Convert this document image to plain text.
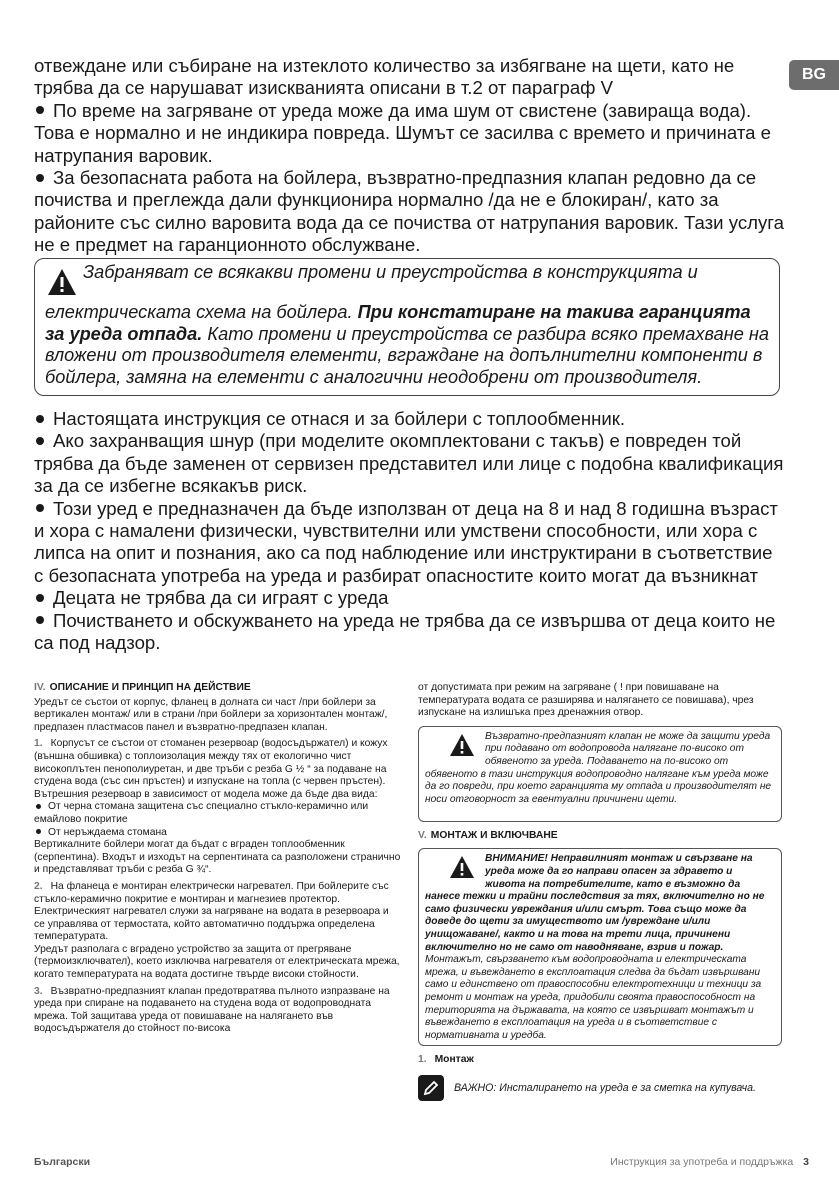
BG

отвеждане или събиране на изтеклото количество за избягване на щети, като не трябва да се нарушават изискванията описани в т.2 от параграф V

По време на загряване от уреда може да има шум от свистене (завираща вода). Това е нормално и не индикира повреда. Шумът се засилва с времето и причината е натрупания варовик.

За безопасната работа на бойлера, възвратно-предпазния клапан редовно да се почиства и преглежда дали функционира нормално /да не е блокиран/, като за районите със силно варовита вода да се почиства от натрупания варовик. Тази услуга не е предмет на гаранционното обслужване.

Забраняват се всякакви промени и преустройства в конструкцията и електрическата схема на бойлера. При констатиране на такива гаранцията за уреда отпада. Като промени и преустройства се разбира всяко премахване на вложени от производителя елементи, вграждане на допълнителни компоненти в бойлера, замяна на елементи с аналогични неодобрени от производителя.

Настоящата инструкция се отнася и за бойлери с топлообменник.

Ако захранващия шнур (при моделите окомплектовани с такъв) е повреден той трябва да бъде заменен от сервизен представител или лице с подобна квалификация за да се избегне всякакъв риск.

Този уред е предназначен да бъде използван от деца на 8 и над 8 годишна възраст и хора с намалени физически, чувствителни или умствени способности, или хора с липса на опит и познания, ако са под наблюдение или инструктирани в съответствие с безопасната употреба на уреда и разбират опасностите които могат да възникнат

Децата не трябва да си играят с уреда

Почистването и обскужването на уреда не трябва да се извършва от деца които не са под надзор.

IV. ОПИСАНИЕ И ПРИНЦИП НА ДЕЙСТВИЕ

Уредът се състои от корпус, фланец в долната си част /при бойлери за вертикален монтаж/ или в страни /при бойлери за хоризонтален монтаж/, предпазен пластмасов панел и възвратно-предпазен клапан.

1. Корпусът се състои от стоманен резервоар (водосъдържател) и кожух (външна обшивка) с топлоизолация между тях от екологично чист високоплътен пенополиуретан, и две тръби с резба G ½ “ за подаване на студена вода (със син пръстен) и изпускане на топла (с червен пръстен).
Вътрешния резервоар в зависимост от модела може да бъде два вида:
От черна стомана защитена със специално стъкло-керамично или емайлово покритие
От неръждаема стомана
Вертикалните бойлери могат да бъдат с вграден топлообменник (серпентина). Входът и изходът на серпентината са разположени странично и представляват тръби с резба G ¾“.

2. На фланеца е монтиран електрически нагревател. При бойлерите със стъкло-керамично покритие е монтиран и магнезиев протектор.
Електрическият нагревател служи за нагряване на водата в резервоара и се управлява от термостата, който автоматично поддържа определена температурата.
Уредът разполага с вградено устройство за защита от прегряване (термоизключвател), което изключва нагревателя от електрическата мрежа, когато температурата на водата достигне твърде високи стойности.

3. Възвратно-предпазният клапан предотвратява пълното изпразване на уреда при спиране на подаването на студена вода от водопроводната мрежа. Той защитава уреда от повишаване на налягането във водосъдържателя до стойност по-висока

от допустимата при режим на загряване ( ! при повишаване на температурата водата се разширява и налягането се повишава), чрез изпускане на излишъка през дренажния отвор.

Възвратно-предпазният клапан не може да защити уреда при подавано от водопровода налягане по-високо от обявеното за уреда. Подаването на по-високо от обявеното в тази инструкция водопроводно налягане към уреда може да го повреди, при което гаранцията му отпада и производителят не носи отговорност за евентуални причинени щети.

V. МОНТАЖ И ВКЛЮЧВАНЕ

ВНИМАНИЕ! Неправилният монтаж и свързване на уреда може да го направи опасен за здравето и живота на потребителите, като е възможно да нанесе тежки и трайни последствия за тях, включително но не само физически увреждания и/или смърт. Това също може да доведе до щети за имуществото им /увреждане и/или унищожаване/, както и на това на трети лица, причинени включително но не само от наводняване, взрив и пожар.
Монтажът, свързването към водопроводната и електрическата мрежа, и въвеждането в експлоатация следва да бъдат извършвани само и единствено от правоспособни електротехници и техници за ремонт и монтаж на уреда, придобили своята правоспособност на територията на държавата, на която се извършват монтажът и въвеждането в експлоатация на уреда и в съответствие с нормативната и уредба.

1. Монтаж

ВАЖНО: Инсталирането на уреда е за сметка на купувача.
Български	Инструкция за употреба и поддръжка 3
